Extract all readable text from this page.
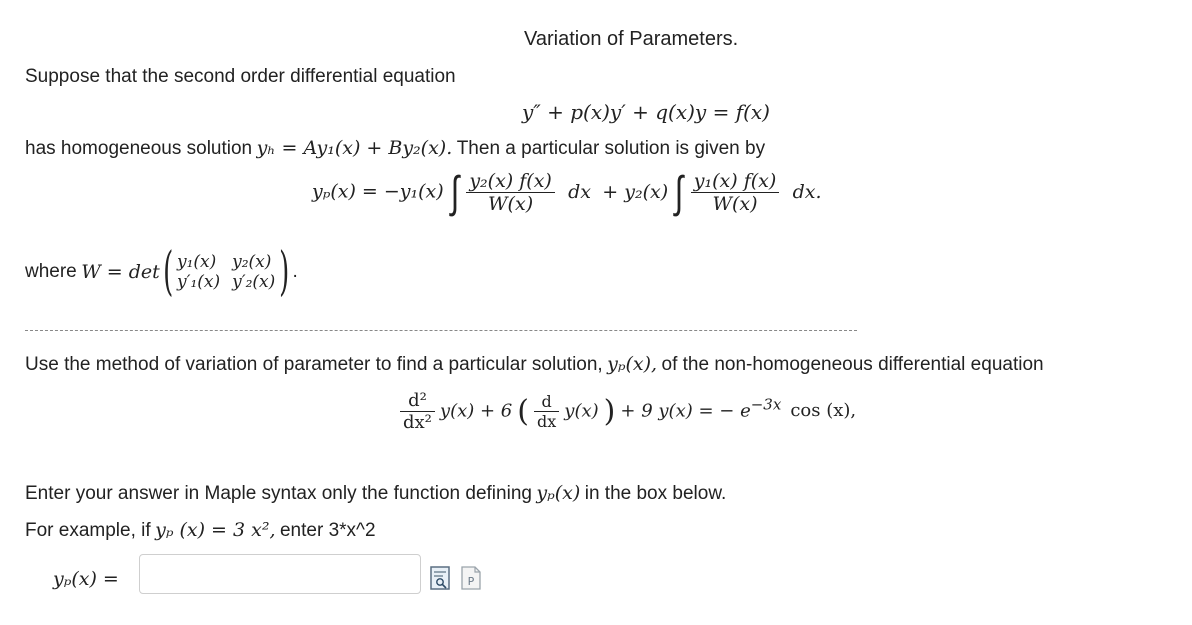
Variation of Parameters.
Suppose that the second order differential equation
y″ + p(x)y′ + q(x)y = f(x)
has homogeneous solution yₕ = Ay₁(x) + By₂(x). Then a particular solution is given by
yₚ(x) = −y₁(x) ∫ $\frac{\text{y₂(x) f(x)}}{W(x)}$ dx + y₂(x) ∫ $\frac{\text{y₁(x) f(x)}}{W(x)}$ dx.
where W = det ( y₁(x)	y₂(x)
y′₁(x)	y′₂(x) ) .
Use the method of variation of parameter to find a particular solution, yₚ(x), of the non-homogeneous differential equation
$\frac{\text{d²}}{\text{dx²}} y(x) + 6$ ( $\frac{d}{dx} y(x)$ ) + 9 y(x) = − $e^{-3x}$ cos (x),
Enter your answer in Maple syntax only the function defining yₚ(x) in the box below.
For example, if yₚ (x) = 3 x², enter 3*x^2
yₚ(x) =	P
